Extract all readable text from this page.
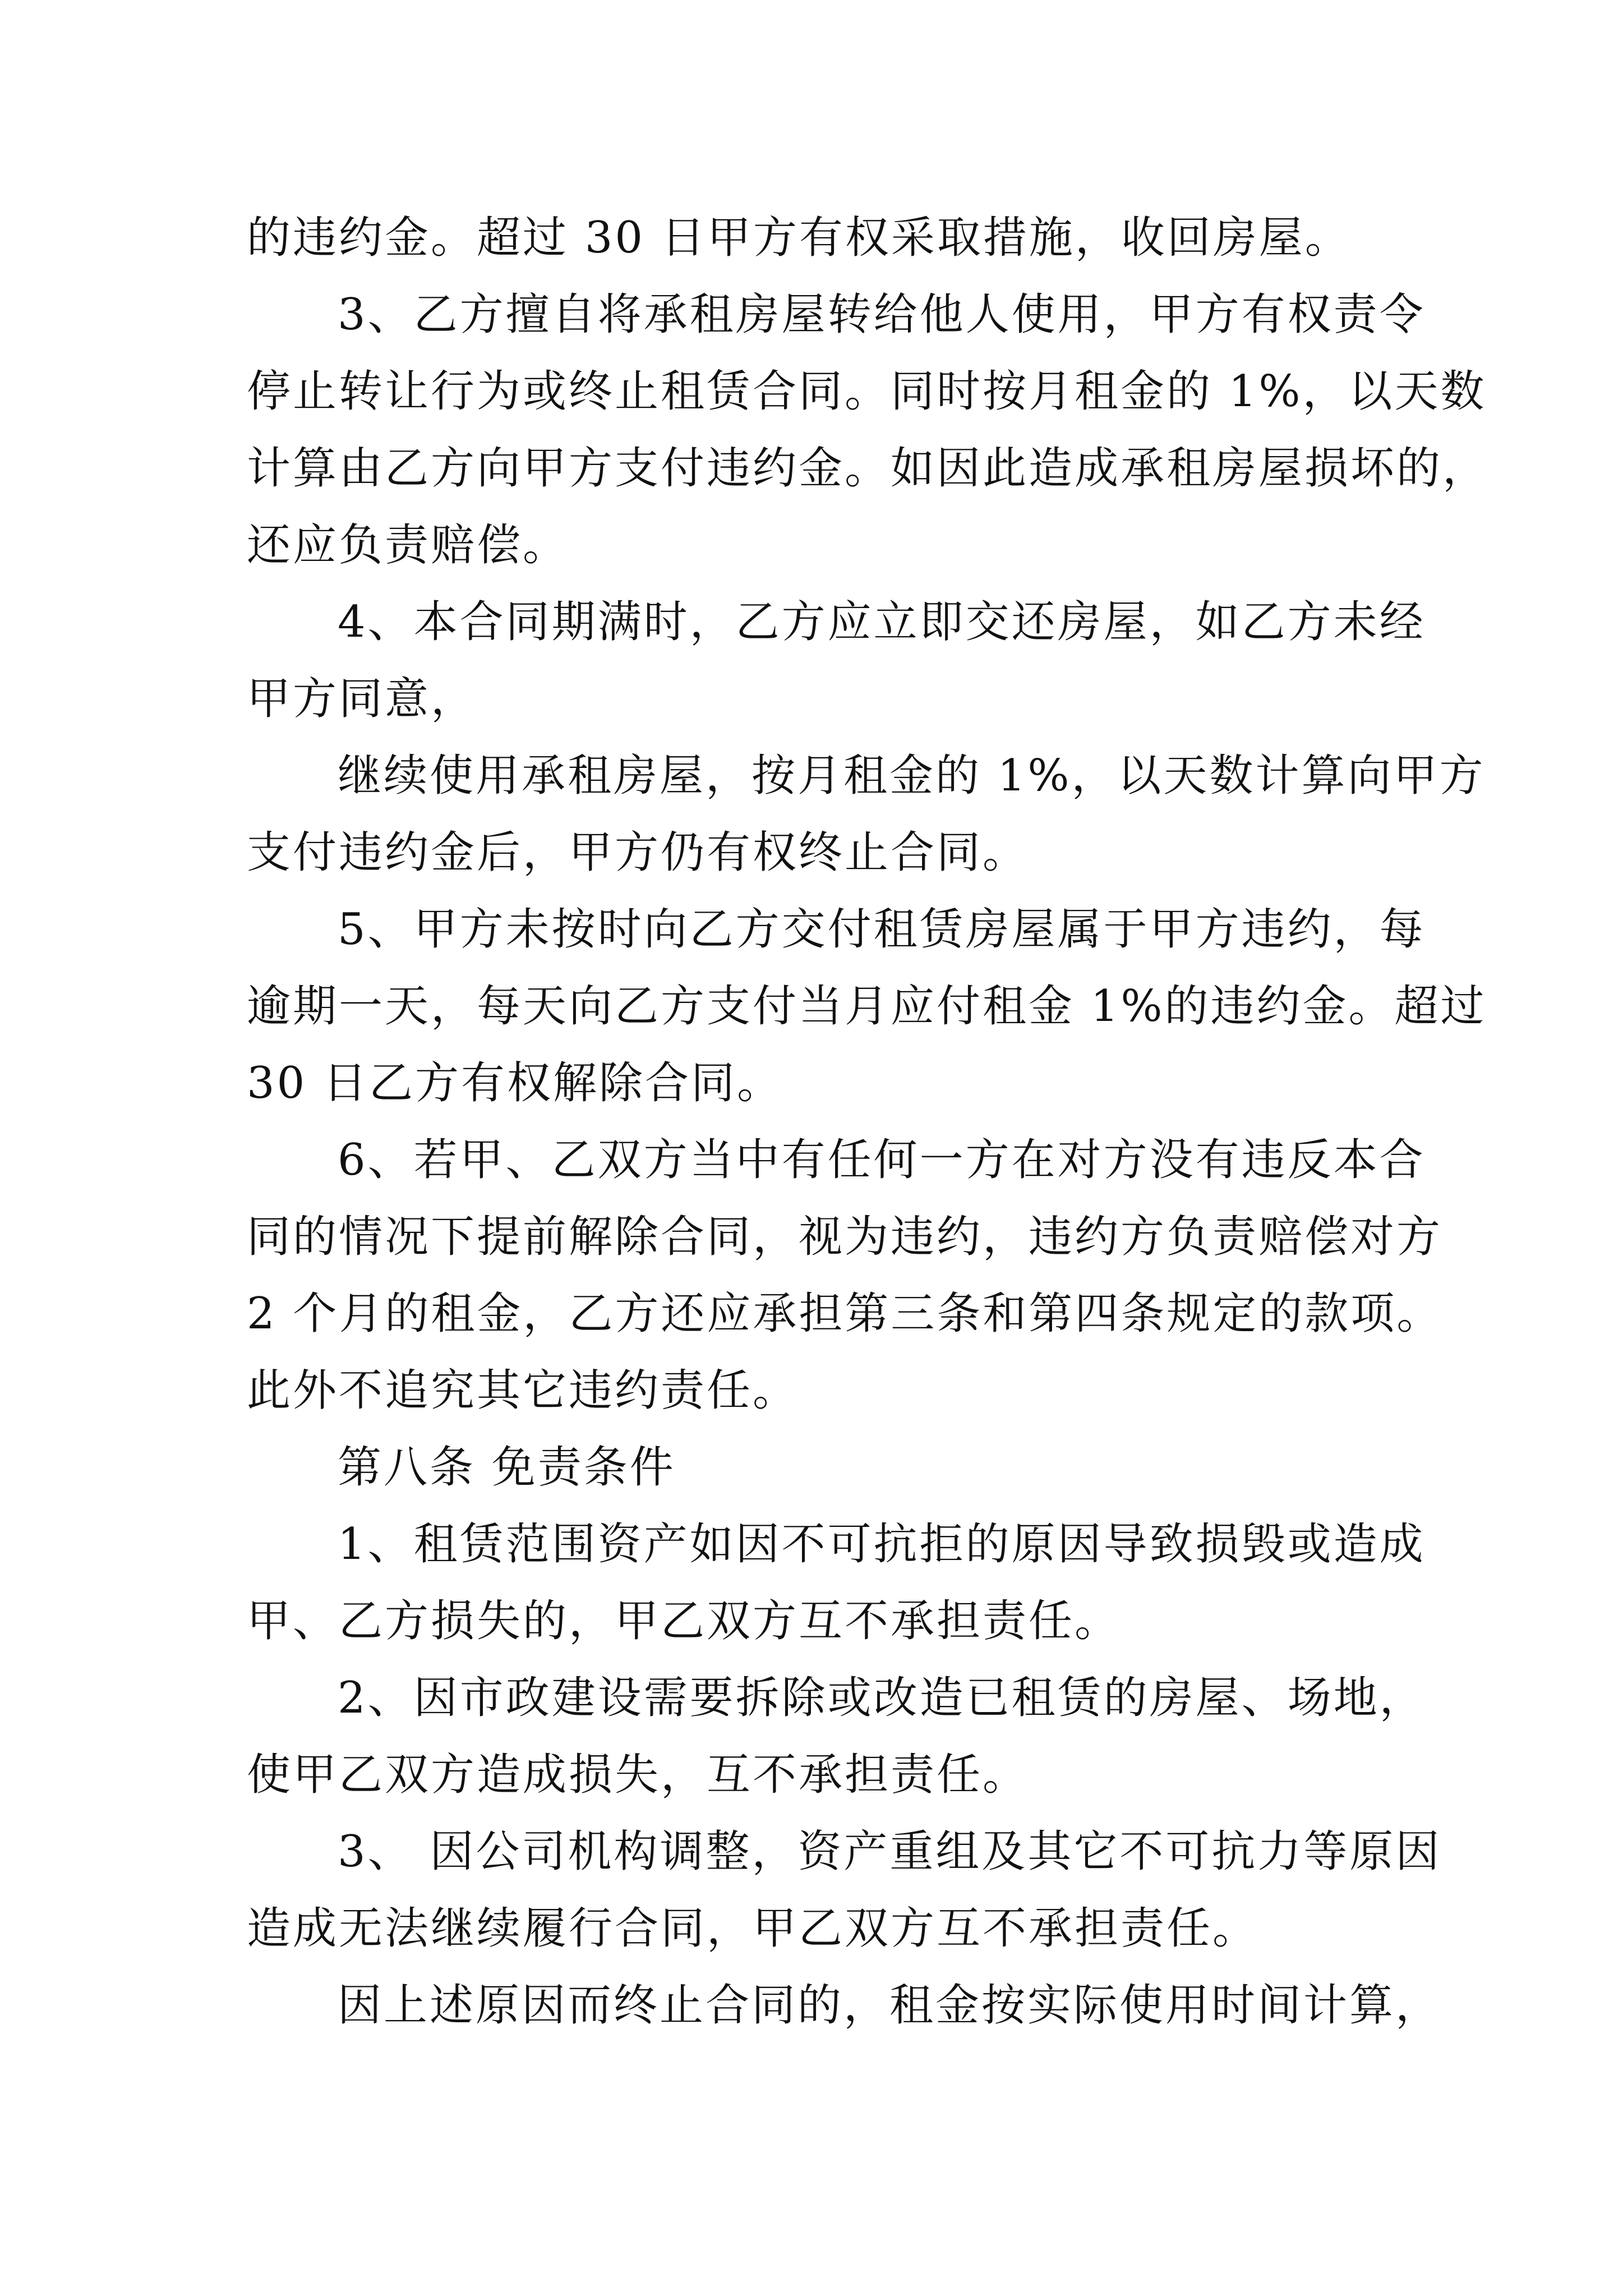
的违约金。超过 30 日甲方有权采取措施，收回房屋。
3、乙方擅自将承租房屋转给他人使用，甲方有权责令
停止转让行为或终止租赁合同。同时按月租金的 1%，以天数
计算由乙方向甲方支付违约金。如因此造成承租房屋损坏的，
还应负责赔偿。
4、本合同期满时，乙方应立即交还房屋，如乙方未经
甲方同意，
继续使用承租房屋，按月租金的 1%，以天数计算向甲方
支付违约金后，甲方仍有权终止合同。
5、甲方未按时向乙方交付租赁房屋属于甲方违约，每
逾期一天，每天向乙方支付当月应付租金 1%的违约金。超过
30 日乙方有权解除合同。
6、若甲、乙双方当中有任何一方在对方没有违反本合
同的情况下提前解除合同，视为违约，违约方负责赔偿对方
2 个月的租金，乙方还应承担第三条和第四条规定的款项。
此外不追究其它违约责任。
第八条 免责条件
1、租赁范围资产如因不可抗拒的原因导致损毁或造成
甲、乙方损失的，甲乙双方互不承担责任。
2、因市政建设需要拆除或改造已租赁的房屋、场地，
使甲乙双方造成损失，互不承担责任。
3、 因公司机构调整，资产重组及其它不可抗力等原因
造成无法继续履行合同，甲乙双方互不承担责任。
因上述原因而终止合同的，租金按实际使用时间计算，
